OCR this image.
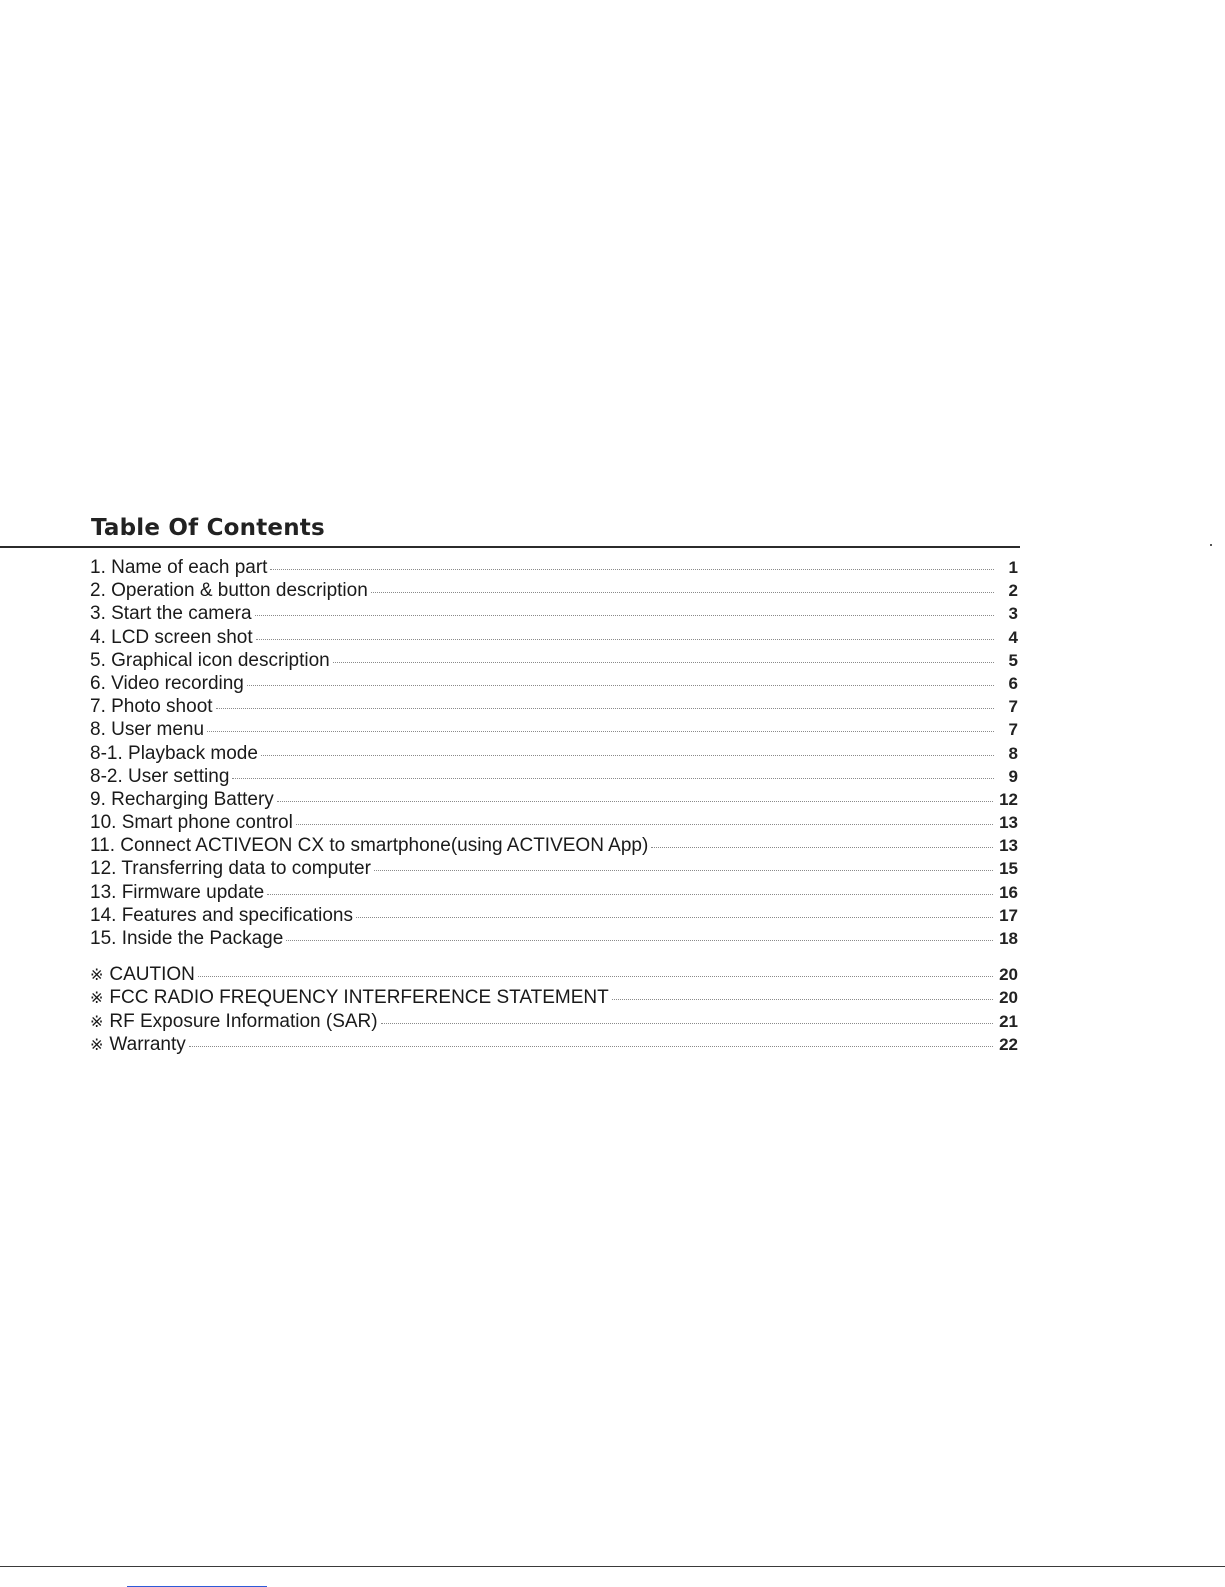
Table Of Contents
1. Name of each part	1
2. Operation & button description	2
3. Start the camera	3
4. LCD screen shot	4
5. Graphical icon description	5
6. Video recording	6
7. Photo shoot	7
8. User menu	7
8-1. Playback mode	8
8-2. User setting	9
9. Recharging Battery	12
10. Smart phone control	13
11. Connect ACTIVEON CX to smartphone(using ACTIVEON App)	13
12. Transferring data to computer	15
13. Firmware update	16
14. Features and specifications	17
15. Inside the Package	18
※ CAUTION	20
※ FCC RADIO FREQUENCY INTERFERENCE STATEMENT	20
※ RF Exposure Information (SAR)	21
※ Warranty	22
